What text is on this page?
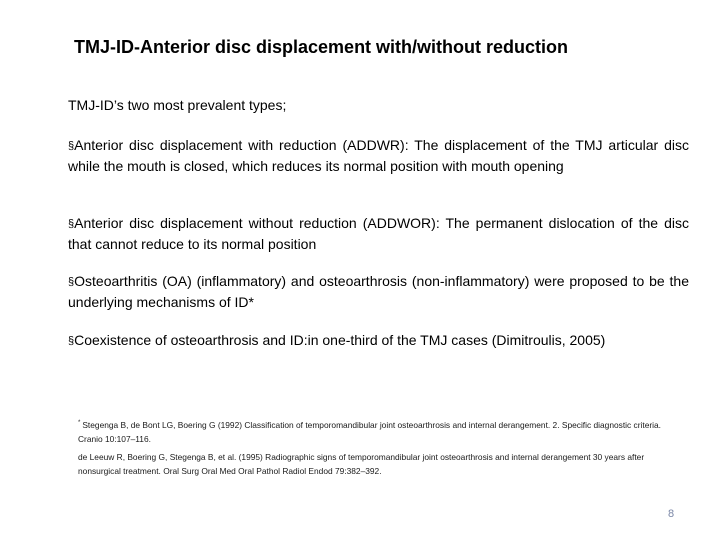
TMJ-ID-Anterior disc displacement with/without reduction
TMJ-ID’s two most prevalent types;
§Anterior disc displacement with reduction (ADDWR): The displacement of the TMJ articular disc while the mouth is closed, which reduces its normal position with mouth opening
§Anterior disc displacement without reduction (ADDWOR): The permanent dislocation of the disc that cannot reduce to its normal position
§Osteoarthritis (OA) (inflammatory) and osteoarthrosis (non-inflammatory) were proposed to be the underlying mechanisms of ID*
§Coexistence of osteoarthrosis and ID:in one-third of the TMJ cases (Dimitroulis, 2005)
* Stegenga B, de Bont LG, Boering G (1992) Classification of temporomandibular joint osteoarthrosis and internal derangement. 2. Specific diagnostic criteria. Cranio 10:107–116.
de Leeuw R, Boering G, Stegenga B, et al. (1995) Radiographic signs of temporomandibular joint osteoarthrosis and internal derangement 30 years after nonsurgical treatment. Oral Surg Oral Med Oral Pathol Radiol Endod 79:382–392.
8
